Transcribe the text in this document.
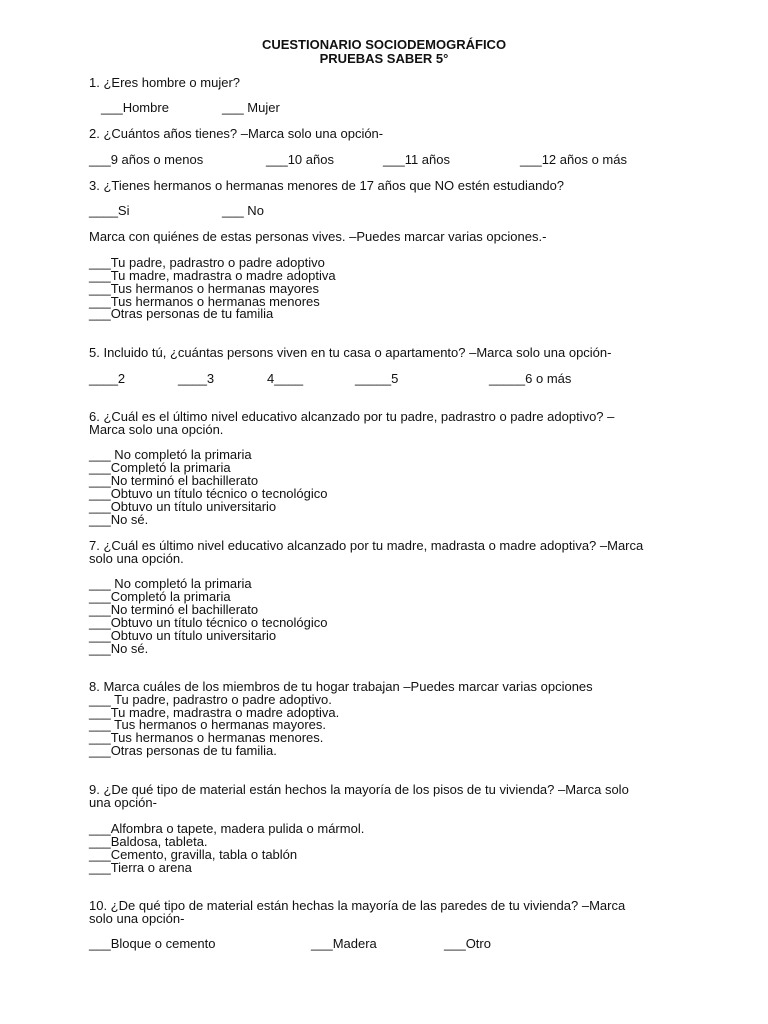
CUESTIONARIO SOCIODEMOGRÁFICO
PRUEBAS SABER 5°
1. ¿Eres hombre o mujer?
___Hombre	___ Mujer
2. ¿Cuántos años tienes? –Marca solo una opción-
___9 años o menos	___10 años	___11 años	___12 años o más
3. ¿Tienes hermanos o hermanas menores de 17 años que NO estén estudiando?
____Si	___ No
Marca con quiénes de estas personas vives. –Puedes marcar varias opciones.-
___Tu padre, padrastro o padre adoptivo
___Tu madre, madrastra o madre adoptiva
___Tus hermanos o hermanas mayores
___Tus hermanos o hermanas menores
___Otras personas de tu familia
5. Incluido tú, ¿cuántas persons viven en tu casa o apartamento? –Marca solo una opción-
____2	____3	4____	_____5	_____6 o más
6. ¿Cuál es el último nivel educativo alcanzado por tu padre, padrastro o padre adoptivo? –
Marca solo una opción.
___ No completó la primaria
___Completó la primaria
___No terminó el bachillerato
___Obtuvo un título técnico o tecnológico
___Obtuvo un título universitario
___No sé.
7. ¿Cuál es último nivel educativo alcanzado por tu madre, madrasta o madre adoptiva? –Marca
solo una opción.
___ No completó la primaria
___Completó la primaria
___No terminó el bachillerato
___Obtuvo un título técnico o tecnológico
___Obtuvo un título universitario
___No sé.
8. Marca cuáles de los miembros de tu hogar trabajan –Puedes marcar varias opciones
___ Tu padre, padrastro o padre adoptivo.
___Tu madre, madrastra o madre adoptiva.
___ Tus hermanos o hermanas mayores.
___Tus hermanos o hermanas menores.
___Otras personas de tu familia.
9. ¿De qué tipo de material están hechos la mayoría de los pisos de tu vivienda? –Marca solo
una opción-
___Alfombra o tapete, madera pulida o mármol.
___Baldosa, tableta.
___Cemento, gravilla, tabla o tablón
___Tierra o arena
10. ¿De qué tipo de material están hechas la mayoría de las paredes de tu vivienda? –Marca
solo una opción-
___Bloque o cemento	___Madera	___Otro
